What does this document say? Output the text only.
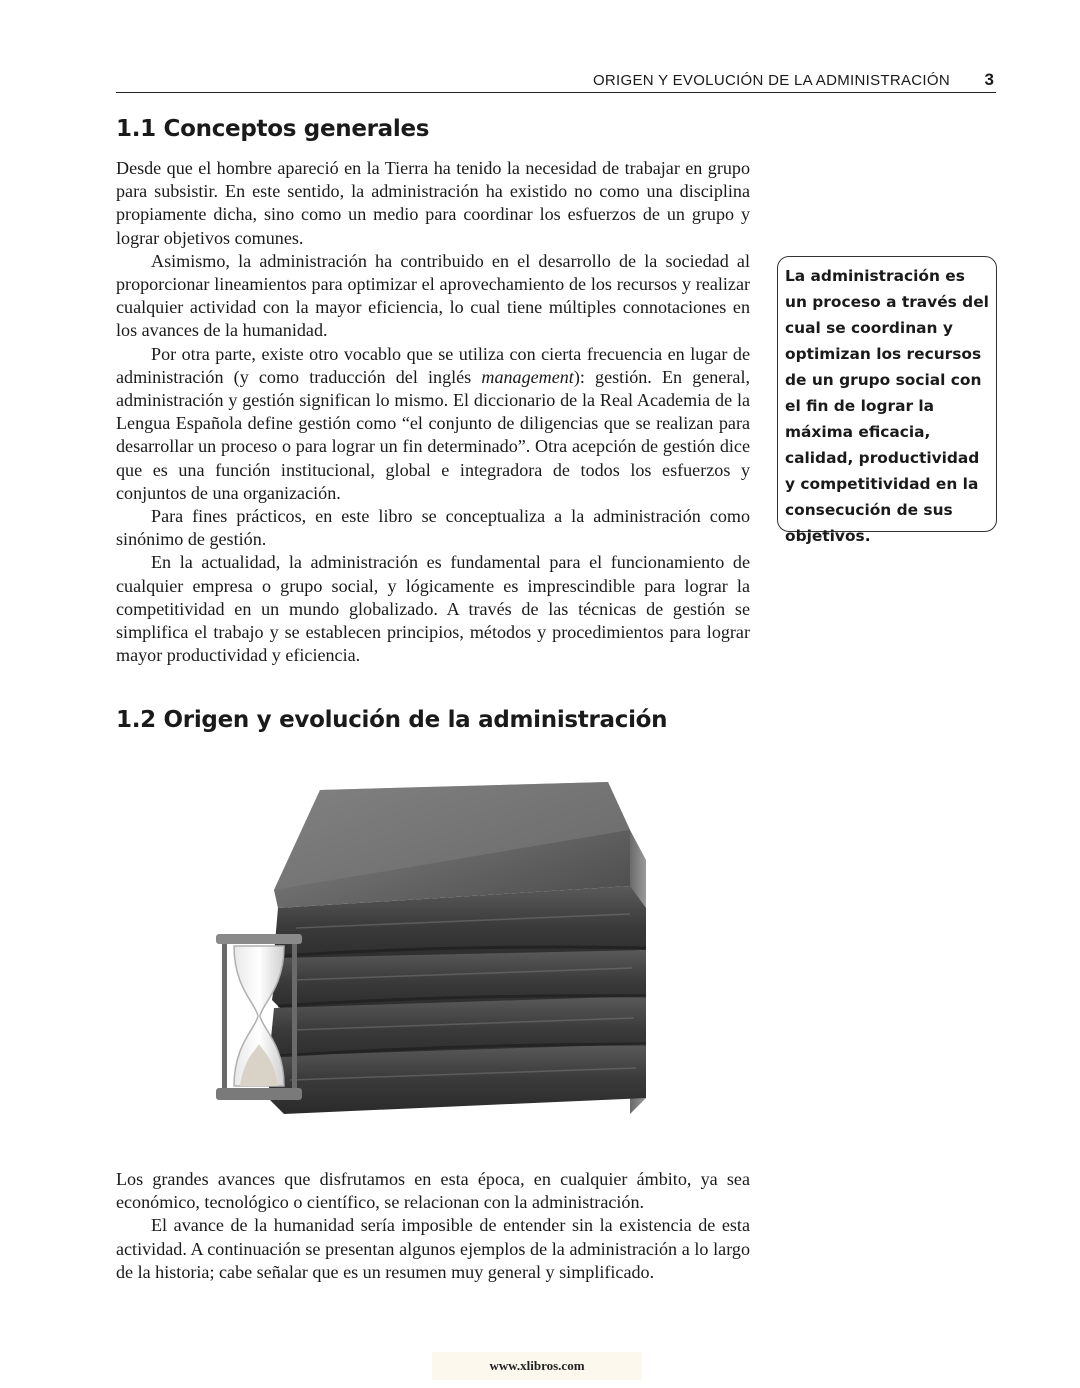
ORIGEN Y EVOLUCIÓN DE LA ADMINISTRACIÓN 3
1.1 Conceptos generales

Desde que el hombre apareció en la Tierra ha tenido la necesidad de trabajar en grupo para subsistir. En este sentido, la administración ha existido no como una disciplina propiamente dicha, sino como un medio para coordinar los esfuerzos de un grupo y lograr objetivos comunes.

Asimismo, la administración ha contribuido en el desarrollo de la sociedad al proporcionar lineamientos para optimizar el aprovechamiento de los recursos y realizar cualquier actividad con la mayor eficiencia, lo cual tiene múltiples connotaciones en los avances de la humanidad.

Por otra parte, existe otro vocablo que se utiliza con cierta frecuencia en lugar de administración (y como traducción del inglés management): gestión. En general, administración y gestión significan lo mismo. El diccionario de la Real Academia de la Lengua Española define gestión como “el conjunto de diligencias que se realizan para desarrollar un proceso o para lograr un fin determinado”. Otra acepción de gestión dice que es una función institucional, global e integradora de todos los esfuerzos y conjuntos de una organización.

Para fines prácticos, en este libro se conceptualiza a la administración como sinónimo de gestión.

En la actualidad, la administración es fundamental para el funcionamiento de cualquier empresa o grupo social, y lógicamente es imprescindible para lograr la competitividad en un mundo globalizado. A través de las técnicas de gestión se simplifica el trabajo y se establecen principios, métodos y procedimientos para lograr mayor productividad y eficiencia.

La administración es un proceso a través del cual se coordinan y optimizan los recursos de un grupo social con el fin de lograr la máxima eficacia, calidad, productividad y competitividad en la consecución de sus objetivos.
1.2 Origen y evolución de la administración

Los grandes avances que disfrutamos en esta época, en cualquier ámbito, ya sea económico, tecnológico o científico, se relacionan con la administración.

El avance de la humanidad sería imposible de entender sin la existencia de esta actividad. A continuación se presentan algunos ejemplos de la administración a lo largo de la historia; cabe señalar que es un resumen muy general y simplificado.

www.xlibros.com
